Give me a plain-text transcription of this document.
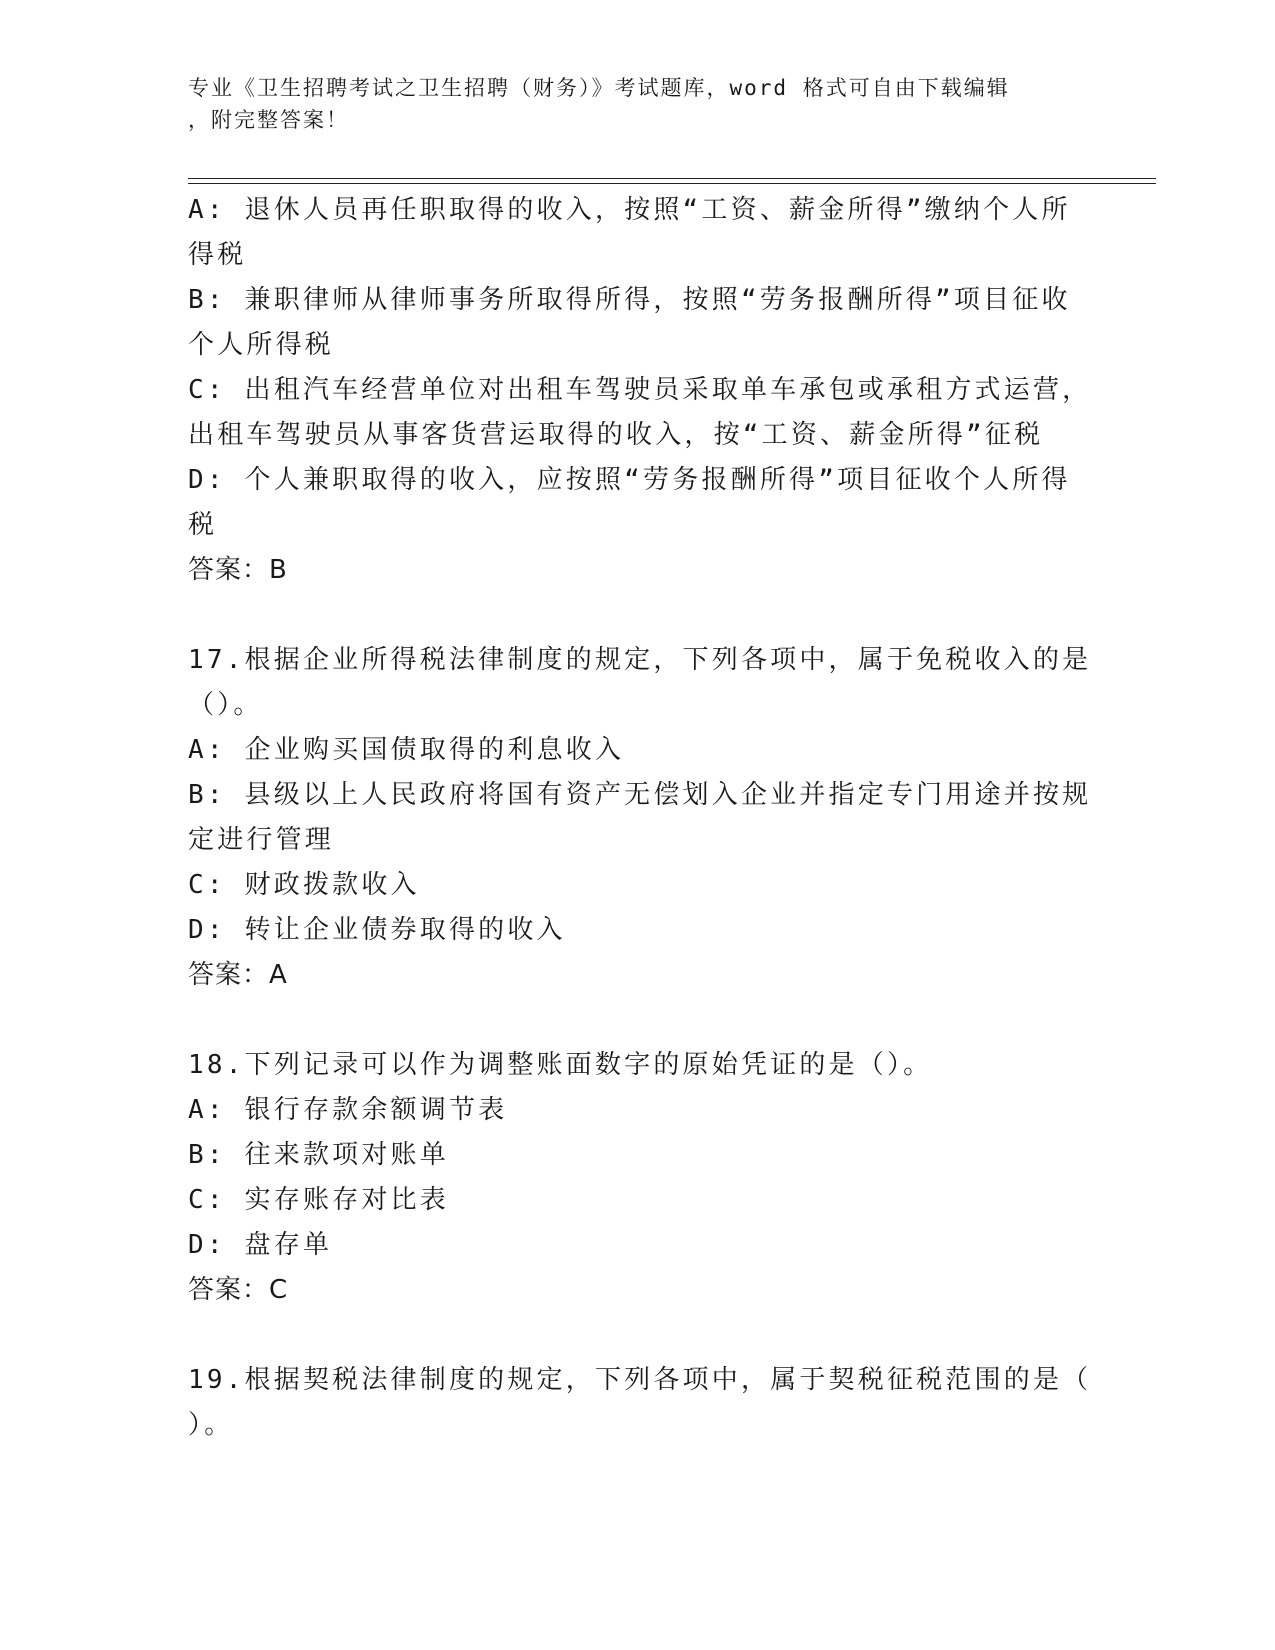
专业《卫生招聘考试之卫生招聘（财务）》考试题库，word 格式可自由下载编辑
，附完整答案！
A: 退休人员再任职取得的收入，按照“工资、薪金所得”缴纳个人所
得税
B: 兼职律师从律师事务所取得所得，按照“劳务报酬所得”项目征收
个人所得税
C: 出租汽车经营单位对出租车驾驶员采取单车承包或承租方式运营，
出租车驾驶员从事客货营运取得的收入，按“工资、薪金所得”征税
D: 个人兼职取得的收入，应按照“劳务报酬所得”项目征收个人所得
税
答案：B
17.根据企业所得税法律制度的规定，下列各项中，属于免税收入的是
（）。
A: 企业购买国债取得的利息收入
B: 县级以上人民政府将国有资产无偿划入企业并指定专门用途并按规
定进行管理
C: 财政拨款收入
D: 转让企业债券取得的收入
答案：A
18.下列记录可以作为调整账面数字的原始凭证的是（）。
A: 银行存款余额调节表
B: 往来款项对账单
C: 实存账存对比表
D: 盘存单
答案：C
19.根据契税法律制度的规定，下列各项中，属于契税征税范围的是（
）。
